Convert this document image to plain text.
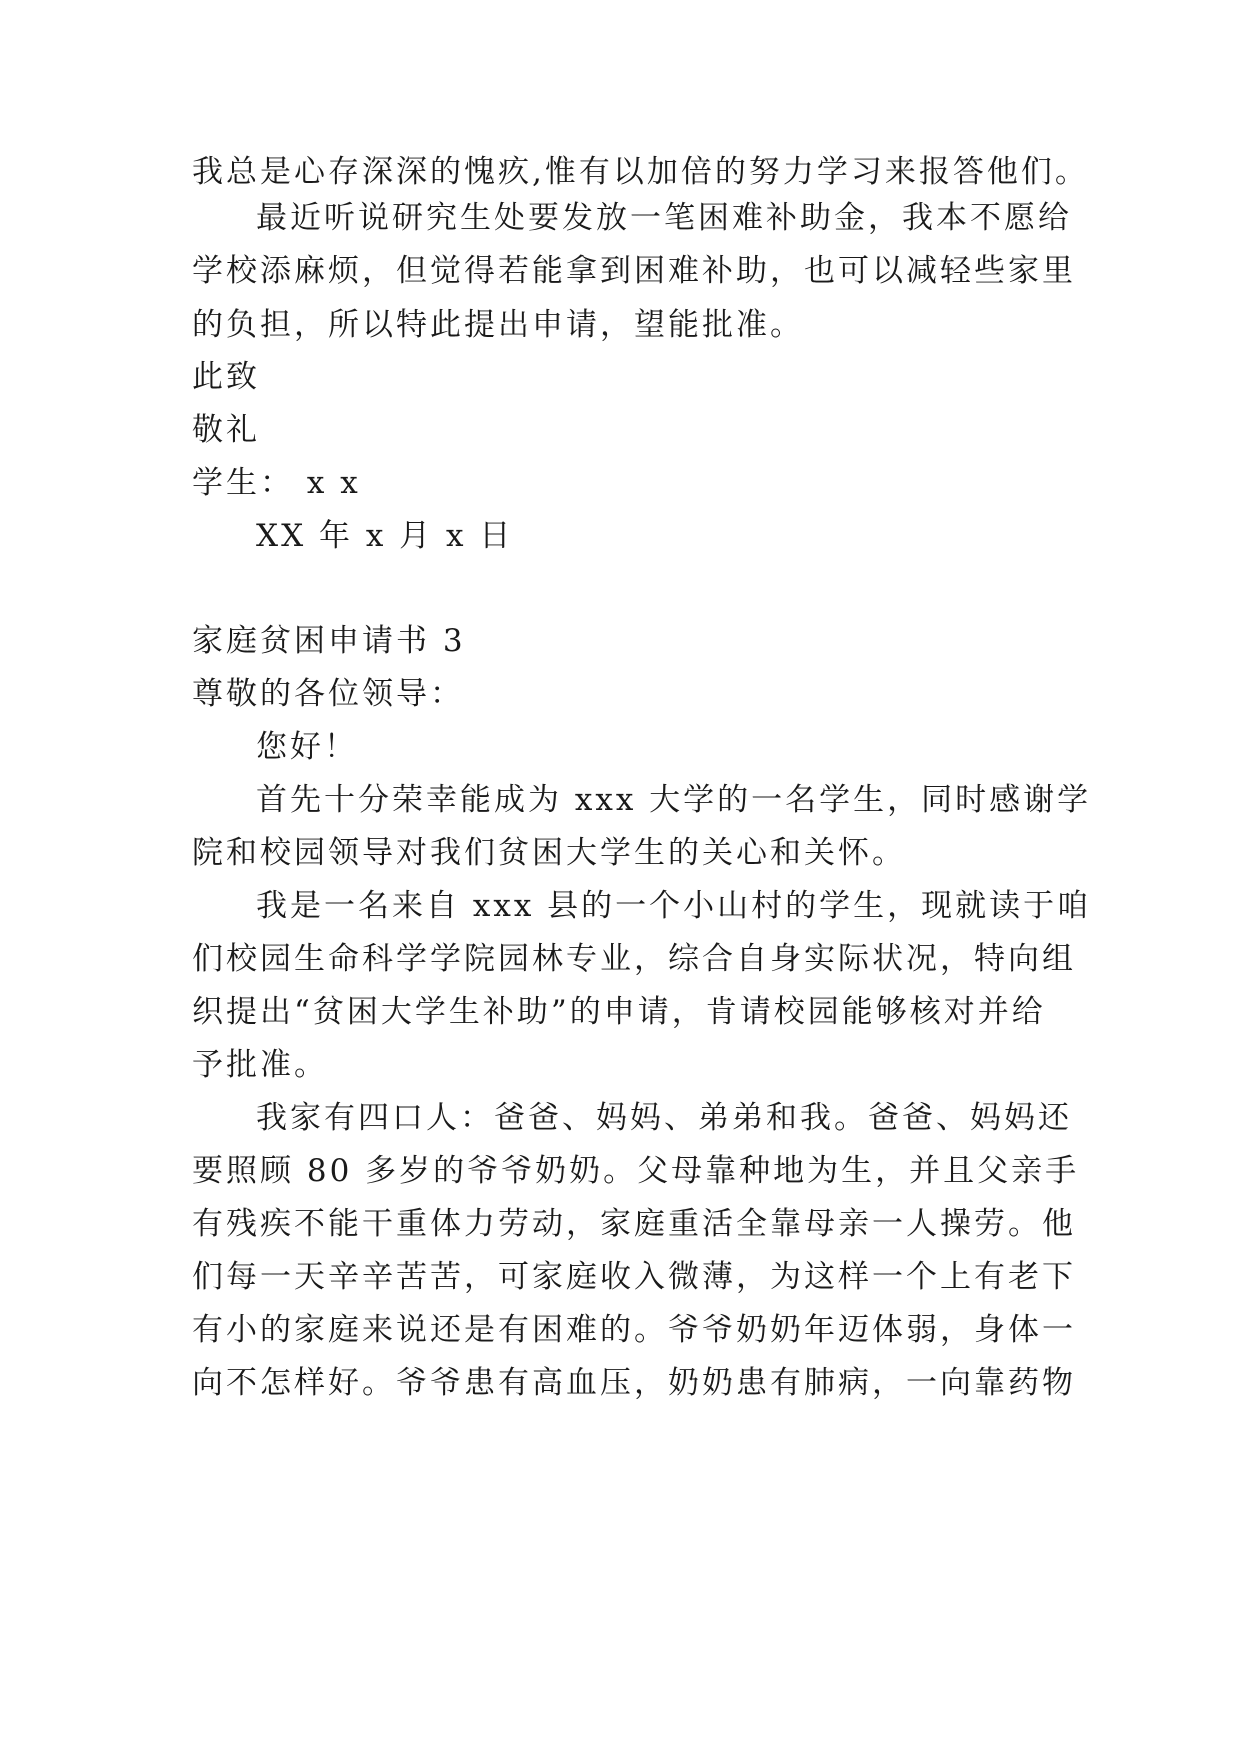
我总是心存深深的愧疚,惟有以加倍的努力学习来报答他们。
最近听说研究生处要发放一笔困难补助金，我本不愿给
学校添麻烦，但觉得若能拿到困难补助，也可以减轻些家里
的负担，所以特此提出申请，望能批准。
此致
敬礼
学生： x x
XX 年 x 月 x 日
家庭贫困申请书 3
尊敬的各位领导：
您好！
首先十分荣幸能成为 xxx 大学的一名学生，同时感谢学
院和校园领导对我们贫困大学生的关心和关怀。
我是一名来自 xxx 县的一个小山村的学生，现就读于咱
们校园生命科学学院园林专业，综合自身实际状况，特向组
织提出“贫困大学生补助”的申请，肯请校园能够核对并给
予批准。
我家有四口人：爸爸、妈妈、弟弟和我。爸爸、妈妈还
要照顾 80 多岁的爷爷奶奶。父母靠种地为生，并且父亲手
有残疾不能干重体力劳动，家庭重活全靠母亲一人操劳。他
们每一天辛辛苦苦，可家庭收入微薄，为这样一个上有老下
有小的家庭来说还是有困难的。爷爷奶奶年迈体弱，身体一
向不怎样好。爷爷患有高血压，奶奶患有肺病，一向靠药物
